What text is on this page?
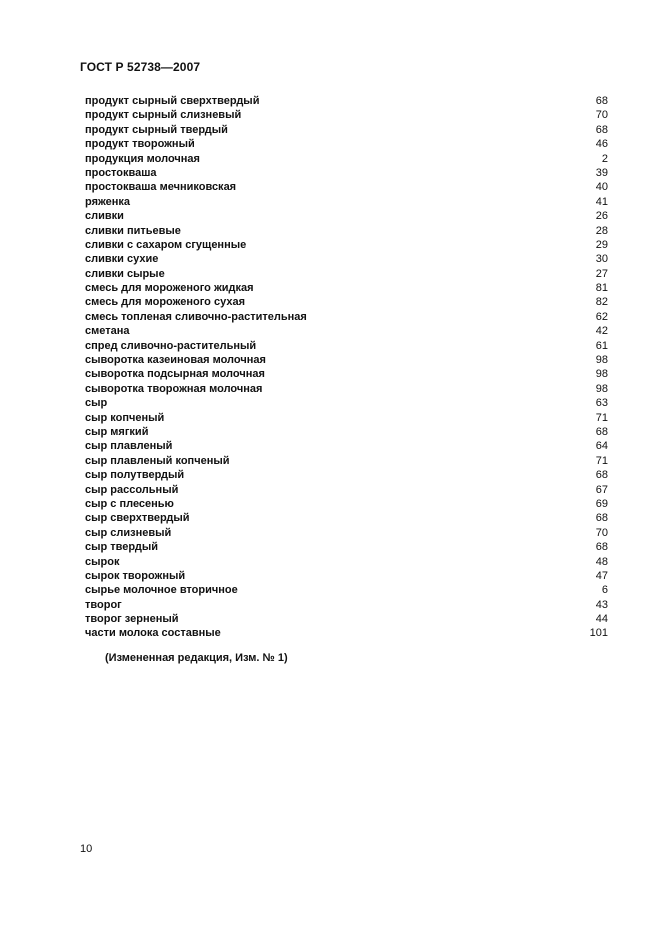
ГОСТ Р 52738—2007
продукт сырный сверхтвердый	68
продукт сырный слизневый	70
продукт сырный твердый	68
продукт творожный	46
продукция молочная	2
простокваша	39
простокваша мечниковская	40
ряженка	41
сливки	26
сливки питьевые	28
сливки с сахаром сгущенные	29
сливки сухие	30
сливки сырые	27
смесь для мороженого жидкая	81
смесь для мороженого сухая	82
смесь топленая сливочно-растительная	62
сметана	42
спред сливочно-растительный	61
сыворотка казеиновая молочная	98
сыворотка подсырная молочная	98
сыворотка творожная молочная	98
сыр	63
сыр копченый	71
сыр мягкий	68
сыр плавленый	64
сыр плавленый копченый	71
сыр полутвердый	68
сыр рассольный	67
сыр с плесенью	69
сыр сверхтвердый	68
сыр слизневый	70
сыр твердый	68
сырок	48
сырок творожный	47
сырье молочное вторичное	6
творог	43
творог зерненый	44
части молока составные	101
(Измененная редакция, Изм. № 1)
10
